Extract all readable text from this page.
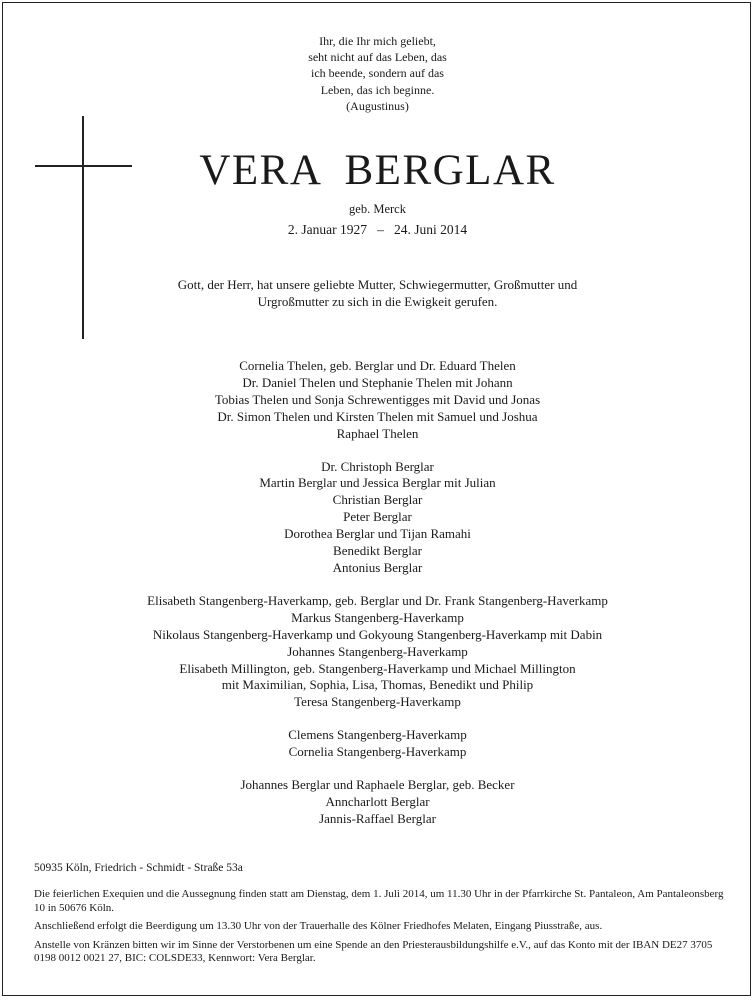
Ihr, die Ihr mich geliebt,
seht nicht auf das Leben, das
ich beende, sondern auf das
Leben, das ich beginne.
(Augustinus)
VERA  BERGLAR
geb. Merck
2. Januar 1927   –   24. Juni 2014
Gott, der Herr, hat unsere geliebte Mutter, Schwiegermutter, Großmutter und
Urgroßmutter zu sich in die Ewigkeit gerufen.
Cornelia Thelen, geb. Berglar und Dr. Eduard Thelen
Dr. Daniel Thelen und Stephanie Thelen mit Johann
Tobias Thelen und Sonja Schrewentigges mit David und Jonas
Dr. Simon Thelen und Kirsten Thelen mit Samuel und Joshua
Raphael Thelen
Dr. Christoph Berglar
Martin Berglar und Jessica Berglar mit Julian
Christian Berglar
Peter Berglar
Dorothea Berglar und Tijan Ramahi
Benedikt Berglar
Antonius Berglar
Elisabeth Stangenberg-Haverkamp, geb. Berglar und Dr. Frank Stangenberg-Haverkamp
Markus Stangenberg-Haverkamp
Nikolaus Stangenberg-Haverkamp und Gokyoung Stangenberg-Haverkamp mit Dabin
Johannes Stangenberg-Haverkamp
Elisabeth Millington, geb. Stangenberg-Haverkamp und Michael Millington
mit Maximilian, Sophia, Lisa, Thomas, Benedikt und Philip
Teresa Stangenberg-Haverkamp
Clemens Stangenberg-Haverkamp
Cornelia Stangenberg-Haverkamp
Johannes Berglar und Raphaele Berglar, geb. Becker
Anncharlott Berglar
Jannis-Raffael Berglar
50935 Köln, Friedrich - Schmidt - Straße 53a

Die feierlichen Exequien und die Aussegnung finden statt am Dienstag, dem 1. Juli 2014, um 11.30 Uhr in der Pfarrkirche St. Pantaleon, Am Pantaleonsberg 10 in 50676 Köln.

Anschließend erfolgt die Beerdigung um 13.30 Uhr von der Trauerhalle des Kölner Friedhofes Melaten, Eingang Piusstraße, aus.

Anstelle von Kränzen bitten wir im Sinne der Verstorbenen um eine Spende an den Priesterausbildungshilfe e.V., auf das Konto mit der IBAN DE27 3705 0198 0012 0021 27, BIC: COLSDE33, Kennwort: Vera Berglar.
